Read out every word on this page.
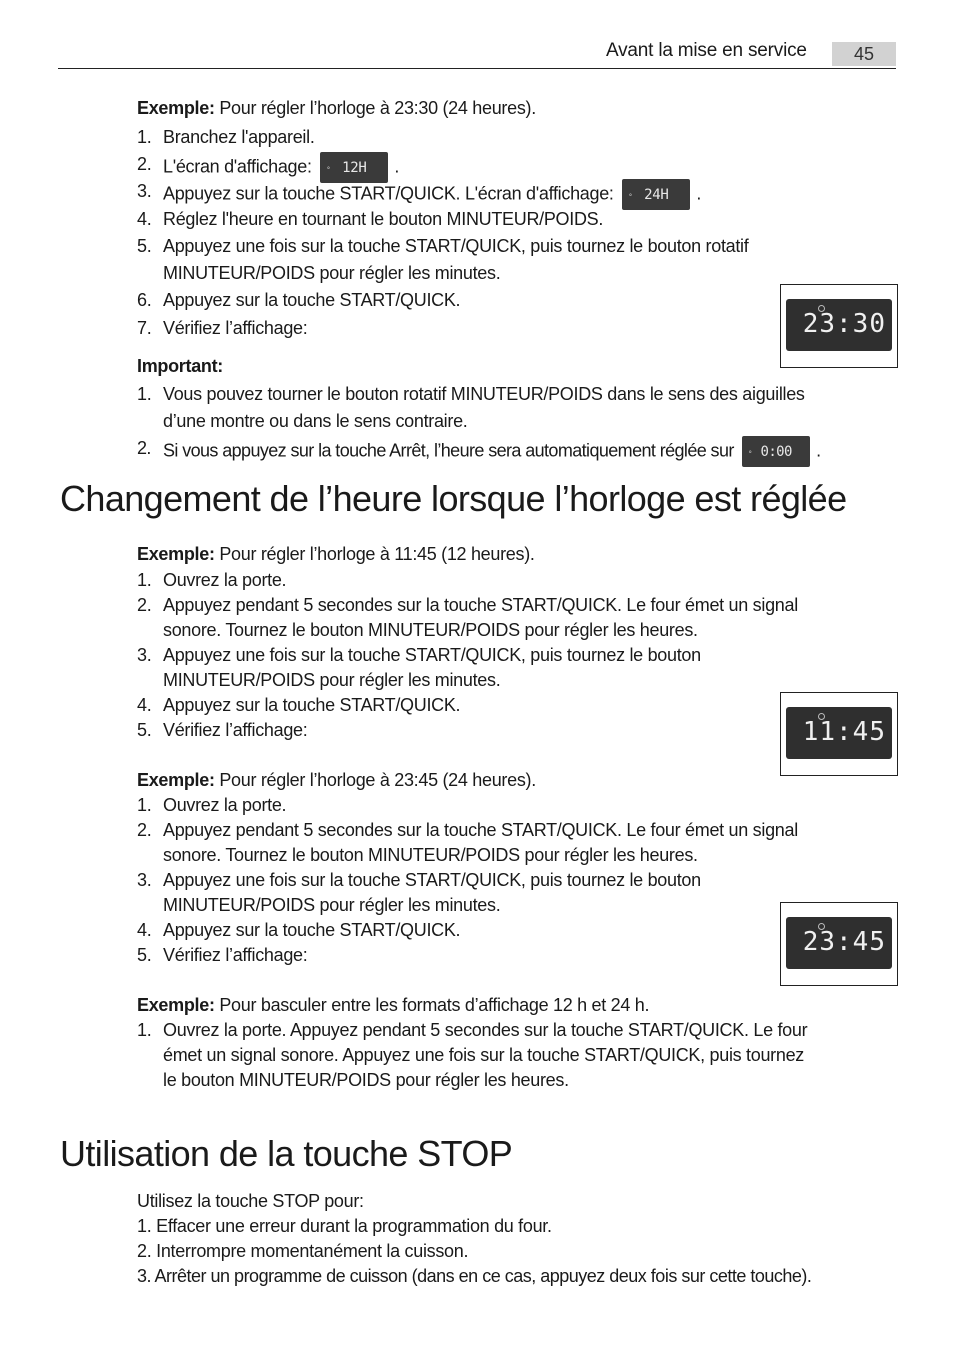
Avant la mise en service	45
Exemple: Pour régler l’horloge à 23:30 (24 heures).
1. Branchez l'appareil.
2. L'écran d'affichage: ° 12H .
3. Appuyez sur la touche START/QUICK. L'écran d'affichage: ° 24H .
4. Réglez l'heure en tournant le bouton MINUTEUR/POIDS.
5. Appuyez une fois sur la touche START/QUICK, puis tournez le bouton rotatif
MINUTEUR/POIDS pour régler les minutes.
6. Appuyez sur la touche START/QUICK.
7. Vérifiez l’affichage:	23:30
Important:
1. Vous pouvez tourner le bouton rotatif MINUTEUR/POIDS dans le sens des aiguilles
d’une montre ou dans le sens contraire.
2. Si vous appuyez sur la touche Arrêt, l’heure sera automatiquement réglée sur ° 0:00 .
Changement de l’heure lorsque l’horloge est réglée
Exemple: Pour régler l’horloge à 11:45 (12 heures).
1. Ouvrez la porte.
2. Appuyez pendant 5 secondes sur la touche START/QUICK. Le four émet un signal
sonore. Tournez le bouton MINUTEUR/POIDS pour régler les heures.
3. Appuyez une fois sur la touche START/QUICK, puis tournez le bouton
MINUTEUR/POIDS pour régler les minutes.
4. Appuyez sur la touche START/QUICK.
5. Vérifiez l’affichage:	11:45
Exemple: Pour régler l’horloge à 23:45 (24 heures).
1. Ouvrez la porte.
2. Appuyez pendant 5 secondes sur la touche START/QUICK. Le four émet un signal
sonore. Tournez le bouton MINUTEUR/POIDS pour régler les heures.
3. Appuyez une fois sur la touche START/QUICK, puis tournez le bouton
MINUTEUR/POIDS pour régler les minutes.
4. Appuyez sur la touche START/QUICK.
5. Vérifiez l’affichage:	23:45
Exemple: Pour basculer entre les formats d’affichage 12 h et 24 h.
1. Ouvrez la porte. Appuyez pendant 5 secondes sur la touche START/QUICK. Le four
émet un signal sonore. Appuyez une fois sur la touche START/QUICK, puis tournez
le bouton MINUTEUR/POIDS pour régler les heures.
Utilisation de la touche STOP
Utilisez la touche STOP pour:
1. Effacer une erreur durant la programmation du four.
2. Interrompre momentanément la cuisson.
3. Arrêter un programme de cuisson (dans en ce cas, appuyez deux fois sur cette touche).
